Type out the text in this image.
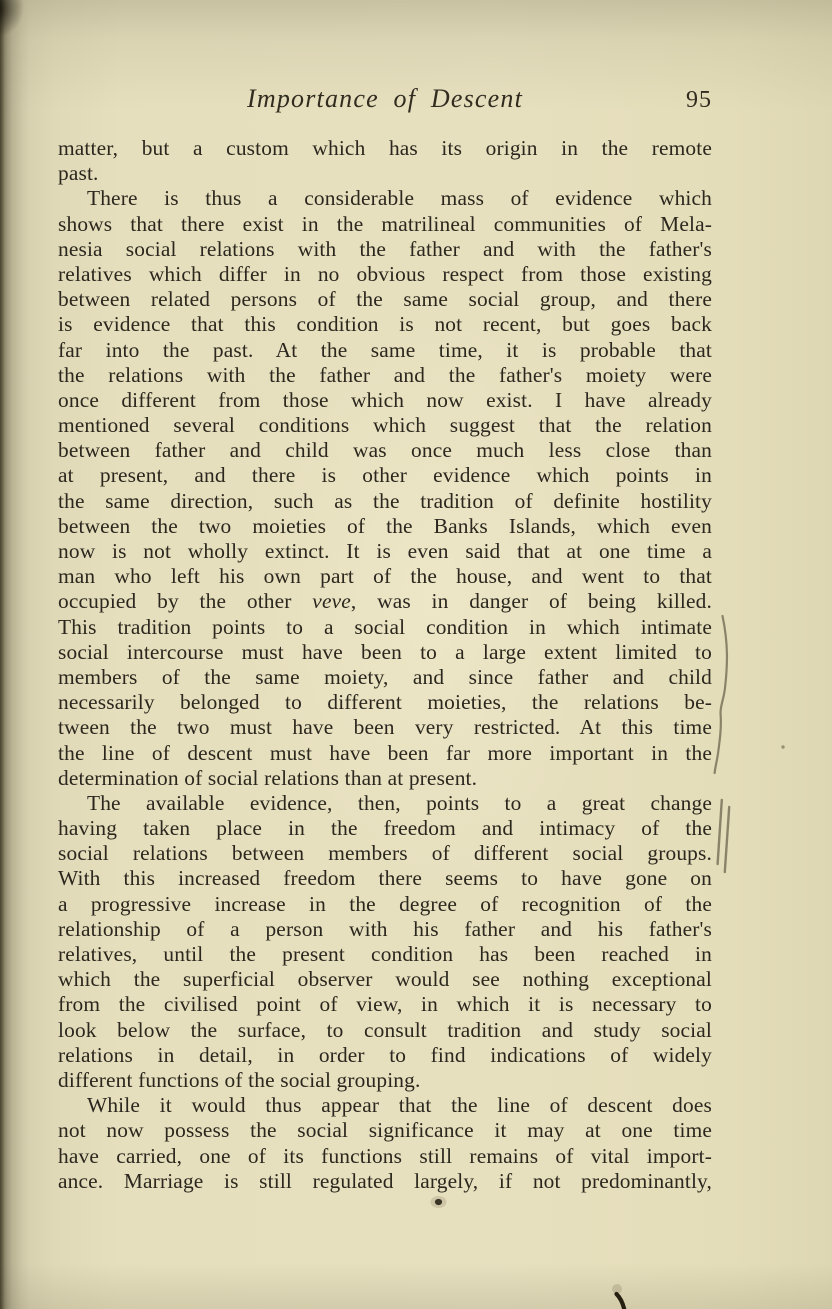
Importance of Descent	95

matter, but a custom which has its origin in the remote
past.

There is thus a considerable mass of evidence which
shows that there exist in the matrilineal communities of Mela-
nesia social relations with the father and with the father's
relatives which differ in no obvious respect from those existing
between related persons of the same social group, and there
is evidence that this condition is not recent, but goes back
far into the past. At the same time, it is probable that
the relations with the father and the father's moiety were
once different from those which now exist. I have already
mentioned several conditions which suggest that the relation
between father and child was once much less close than
at present, and there is other evidence which points in
the same direction, such as the tradition of definite hostility
between the two moieties of the Banks Islands, which even
now is not wholly extinct. It is even said that at one time a
man who left his own part of the house, and went to that
occupied by the other veve, was in danger of being killed.
This tradition points to a social condition in which intimate
social intercourse must have been to a large extent limited to
members of the same moiety, and since father and child
necessarily belonged to different moieties, the relations be-
tween the two must have been very restricted. At this time
the line of descent must have been far more important in the
determination of social relations than at present.

The available evidence, then, points to a great change
having taken place in the freedom and intimacy of the
social relations between members of different social groups.
With this increased freedom there seems to have gone on
a progressive increase in the degree of recognition of the
relationship of a person with his father and his father's
relatives, until the present condition has been reached in
which the superficial observer would see nothing exceptional
from the civilised point of view, in which it is necessary to
look below the surface, to consult tradition and study social
relations in detail, in order to find indications of widely
different functions of the social grouping.

While it would thus appear that the line of descent does
not now possess the social significance it may at one time
have carried, one of its functions still remains of vital import-
ance. Marriage is still regulated largely, if not predominantly,
